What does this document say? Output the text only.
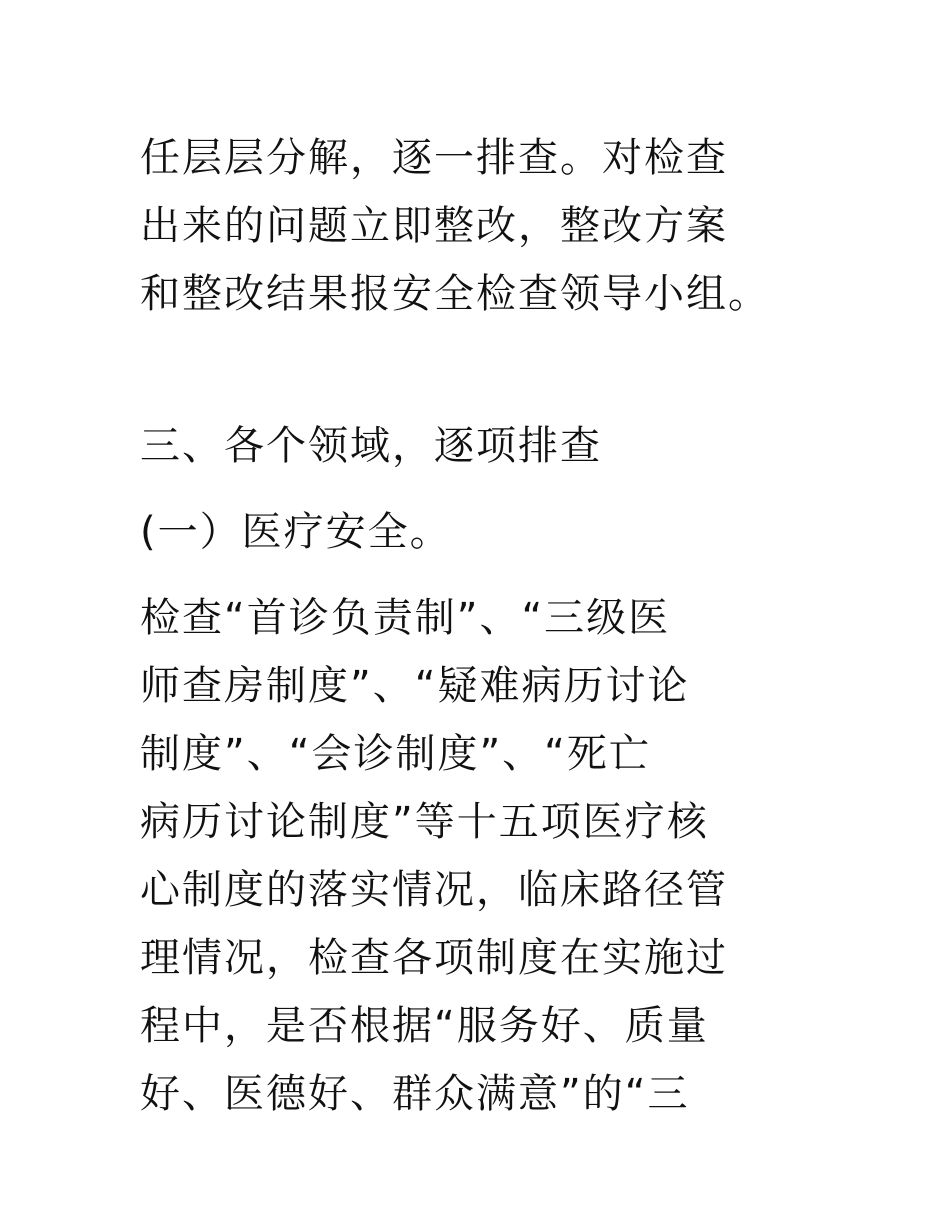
任层层分解，逐一排查。对检查
出来的问题立即整改，整改方案
和整改结果报安全检查领导小组。
三、各个领域，逐项排查
(一）医疗安全。
检查“首诊负责制”、“三级医
师查房制度”、“疑难病历讨论
制度”、“会诊制度”、“死亡
病历讨论制度”等十五项医疗核
心制度的落实情况，临床路径管
理情况，检查各项制度在实施过
程中，是否根据“服务好、质量
好、医德好、群众满意”的“三
